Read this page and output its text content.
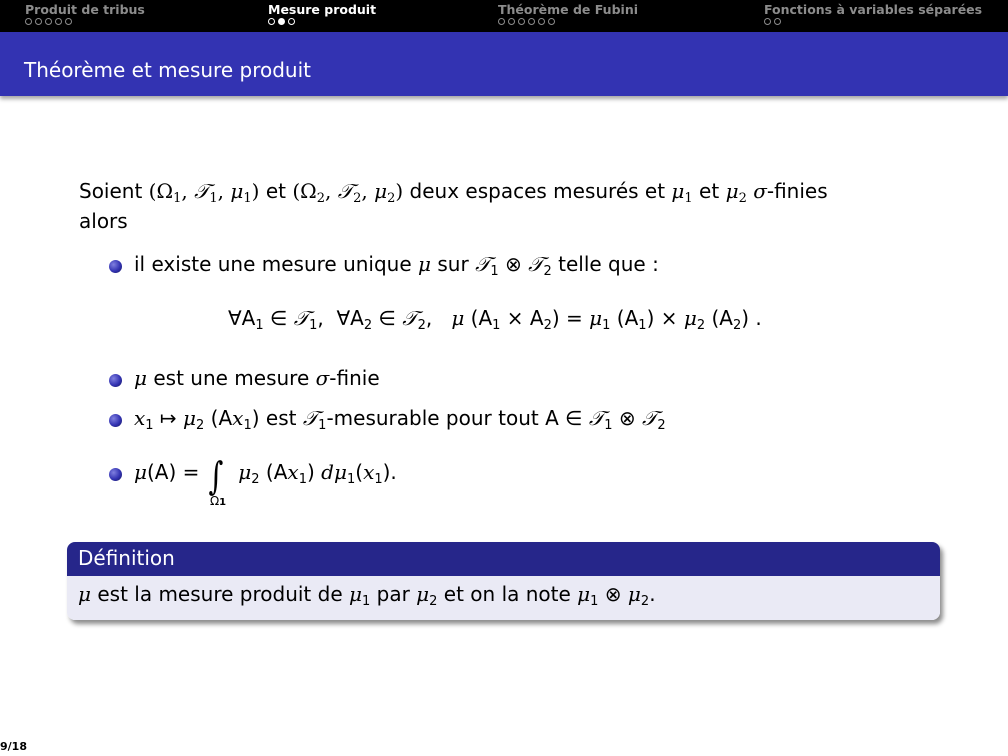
Produit de tribus	Mesure produit	Théorème de Fubini	Fonctions à variables séparées
Théorème et mesure produit
Soient ($\Omega_1$, 𝒯$_1$, $\mu_1$) et ($\Omega_2$, 𝒯$_2$, $\mu_2$) deux espaces mesurés et $\mu_1$ et $\mu_2$ σ-finies
alors
il existe une mesure unique μ sur 𝒯$_1$ ⊗ 𝒯$_2$ telle que :
μ est une mesure σ-finie
$x_1$ ↦ $\mu_2$ $(Ax_1)$ est 𝒯$_1$-mesurable pour tout A ∈ 𝒯$_1$ ⊗ 𝒯$_2$
μ(A) = ∫ $\mu_2$ $(Ax_1)$ $d\mu_1(x_1)$.
Ω1
$\forall A_1$ ∈ 𝒯$_1$,  $\forall A_2$ ∈ 𝒯$_2$,   μ $(A_1 \times A_2) = \mu_1$ $(A_1) \times \mu_2$ $(A_2)$ .
Définition
μ est la mesure produit de $\mu_1$ par $\mu_2$ et on la note $\mu_1$ ⊗ $\mu_2$.
9/18
